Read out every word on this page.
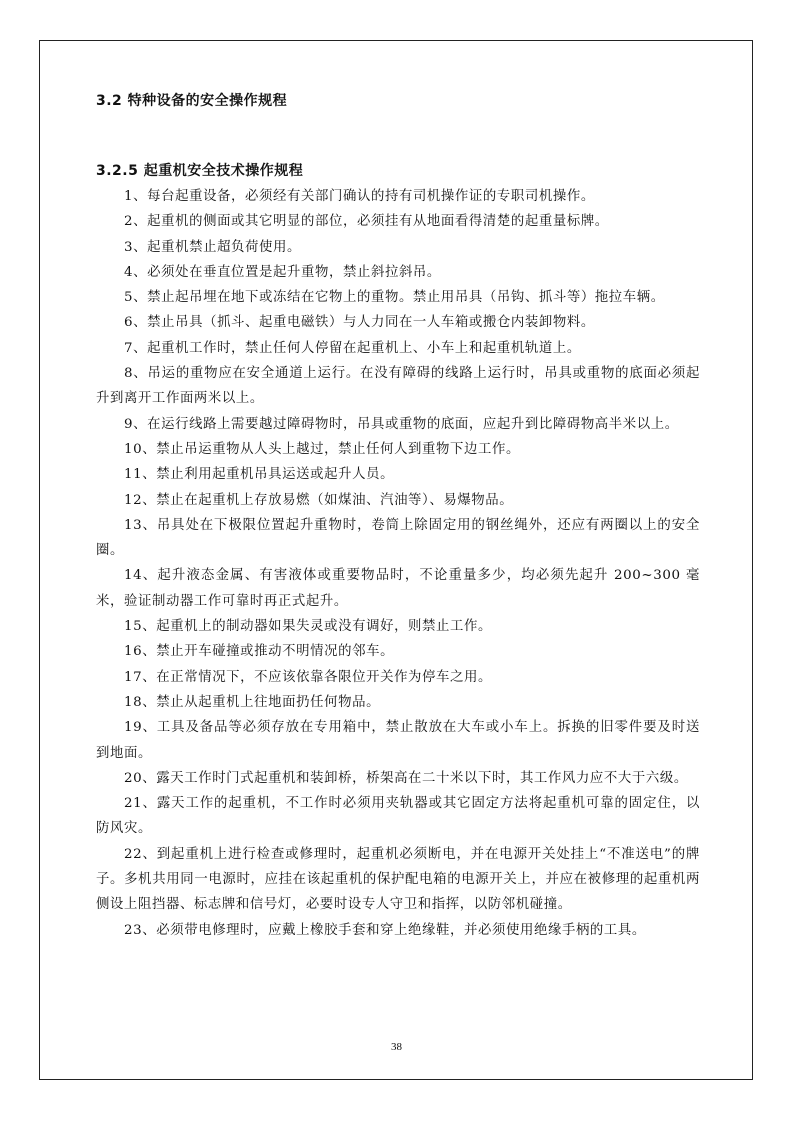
3.2 特种设备的安全操作规程
3.2.5 起重机安全技术操作规程

1、每台起重设备，必须经有关部门确认的持有司机操作证的专职司机操作。

2、起重机的侧面或其它明显的部位，必须挂有从地面看得清楚的起重量标牌。

3、起重机禁止超负荷使用。

4、必须处在垂直位置是起升重物，禁止斜拉斜吊。

5、禁止起吊埋在地下或冻结在它物上的重物。禁止用吊具（吊钩、抓斗等）拖拉车辆。

6、禁止吊具（抓斗、起重电磁铁）与人力同在一人车箱或搬仓内装卸物料。

7、起重机工作时，禁止任何人停留在起重机上、小车上和起重机轨道上。

8、吊运的重物应在安全通道上运行。在没有障碍的线路上运行时，吊具或重物的底面必须起升到离开工作面两米以上。

9、在运行线路上需要越过障碍物时，吊具或重物的底面，应起升到比障碍物高半米以上。

10、禁止吊运重物从人头上越过，禁止任何人到重物下边工作。

11、禁止利用起重机吊具运送或起升人员。

12、禁止在起重机上存放易燃（如煤油、汽油等）、易爆物品。

13、吊具处在下极限位置起升重物时，卷筒上除固定用的钢丝绳外，还应有两圈以上的安全圈。

14、起升液态金属、有害液体或重要物品时，不论重量多少，均必须先起升 200~300 毫米，验证制动器工作可靠时再正式起升。

15、起重机上的制动器如果失灵或没有调好，则禁止工作。

16、禁止开车碰撞或推动不明情况的邻车。

17、在正常情况下，不应该依靠各限位开关作为停车之用。

18、禁止从起重机上往地面扔任何物品。

19、工具及备品等必须存放在专用箱中，禁止散放在大车或小车上。拆换的旧零件要及时送到地面。

20、露天工作时门式起重机和装卸桥，桥架高在二十米以下时，其工作风力应不大于六级。

21、露天工作的起重机，不工作时必须用夹轨器或其它固定方法将起重机可靠的固定住，以防风灾。

22、到起重机上进行检查或修理时，起重机必须断电，并在电源开关处挂上“不准送电”的牌子。多机共用同一电源时，应挂在该起重机的保护配电箱的电源开关上，并应在被修理的起重机两侧设上阻挡器、标志牌和信号灯，必要时设专人守卫和指挥，以防邻机碰撞。

23、必须带电修理时，应戴上橡胶手套和穿上绝缘鞋，并必须使用绝缘手柄的工具。

38
